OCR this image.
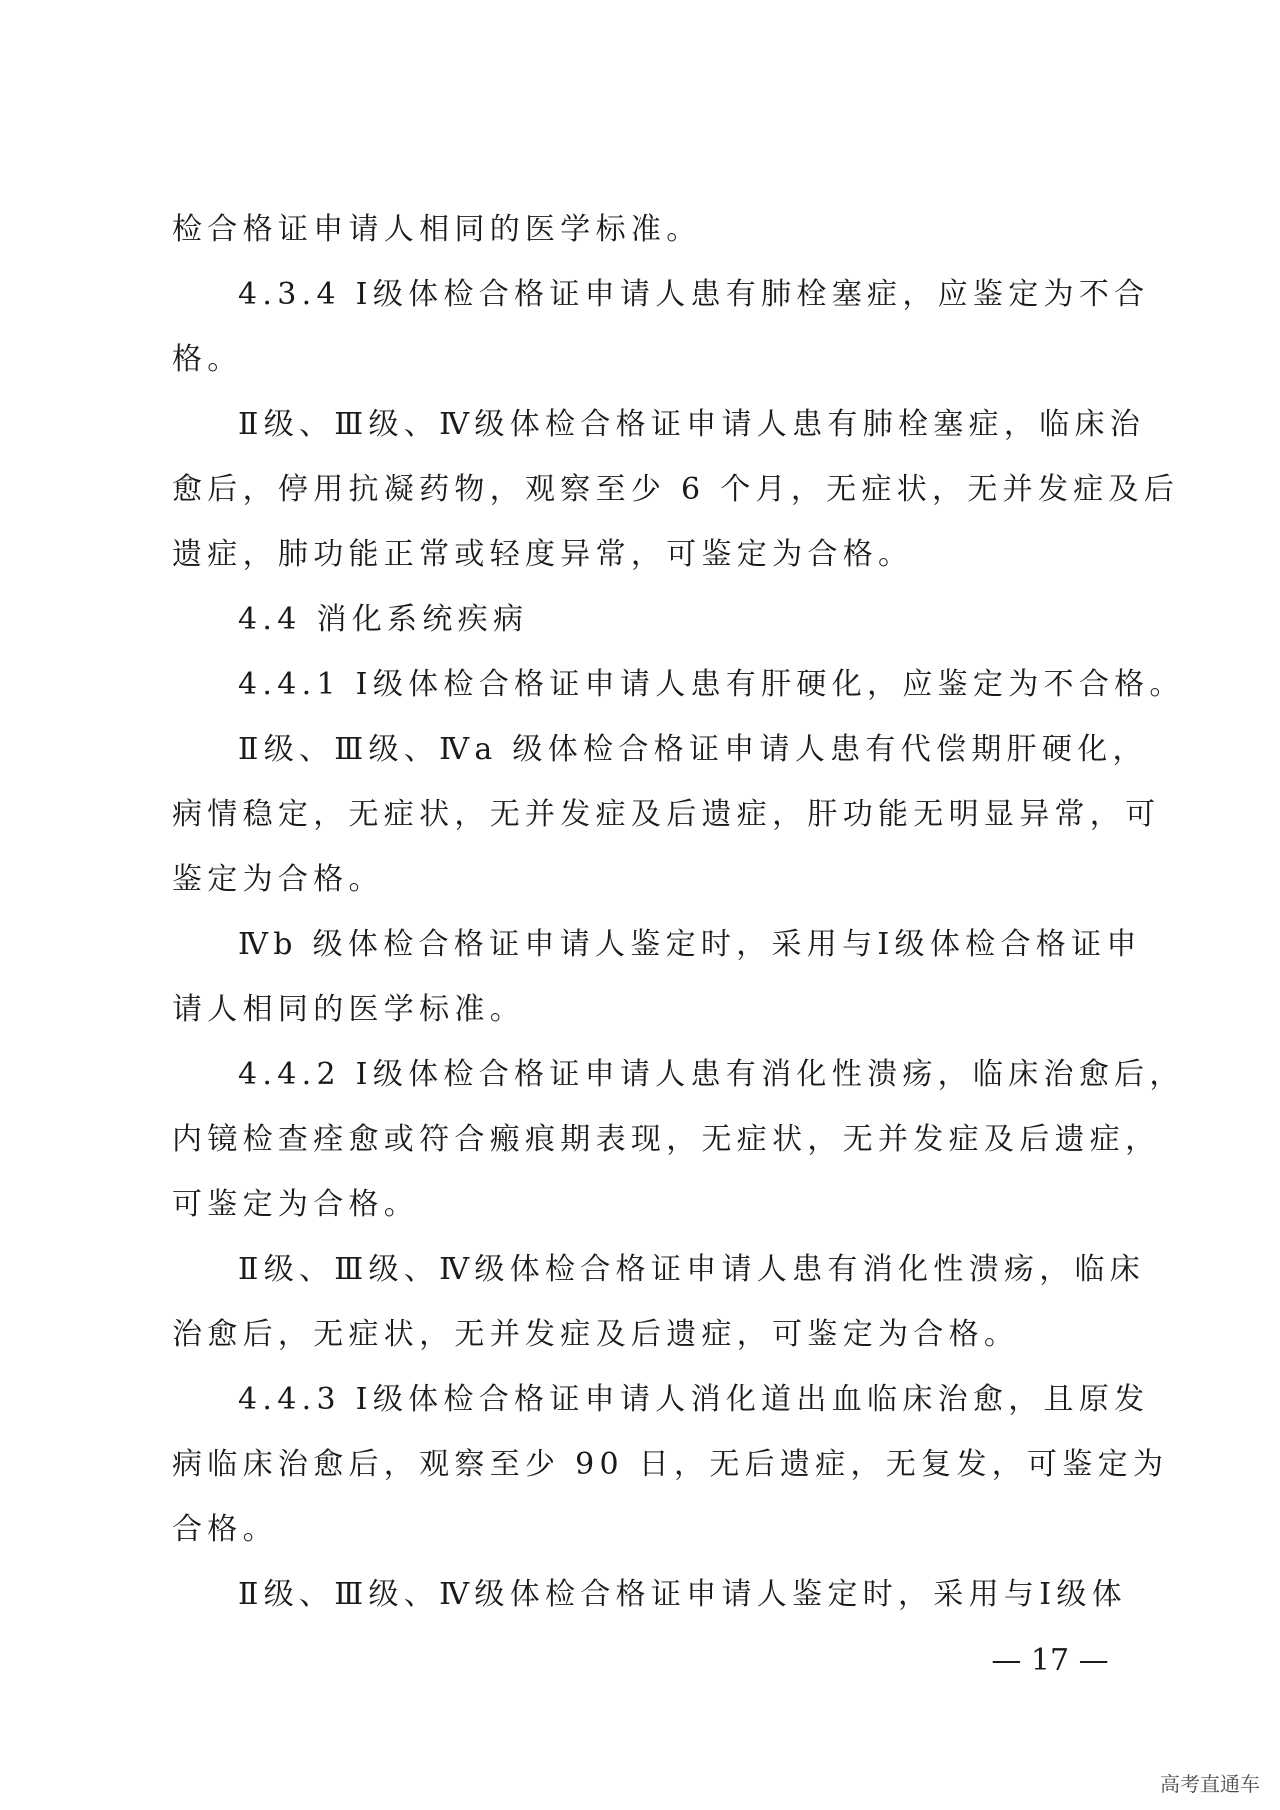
检合格证申请人相同的医学标准。
4.3.4 Ⅰ级体检合格证申请人患有肺栓塞症，应鉴定为不合
格。
Ⅱ级、Ⅲ级、Ⅳ级体检合格证申请人患有肺栓塞症，临床治
愈后，停用抗凝药物，观察至少 6 个月，无症状，无并发症及后
遗症，肺功能正常或轻度异常，可鉴定为合格。
4.4 消化系统疾病
4.4.1 Ⅰ级体检合格证申请人患有肝硬化，应鉴定为不合格。
Ⅱ级、Ⅲ级、Ⅳa 级体检合格证申请人患有代偿期肝硬化，
病情稳定，无症状，无并发症及后遗症，肝功能无明显异常，可
鉴定为合格。
Ⅳb 级体检合格证申请人鉴定时，采用与Ⅰ级体检合格证申
请人相同的医学标准。
4.4.2 Ⅰ级体检合格证申请人患有消化性溃疡，临床治愈后，
内镜检查痊愈或符合瘢痕期表现，无症状，无并发症及后遗症，
可鉴定为合格。
Ⅱ级、Ⅲ级、Ⅳ级体检合格证申请人患有消化性溃疡，临床
治愈后，无症状，无并发症及后遗症，可鉴定为合格。
4.4.3 Ⅰ级体检合格证申请人消化道出血临床治愈，且原发
病临床治愈后，观察至少 90 日，无后遗症，无复发，可鉴定为
合格。
Ⅱ级、Ⅲ级、Ⅳ级体检合格证申请人鉴定时，采用与Ⅰ级体
— 17 —
高考直通车
